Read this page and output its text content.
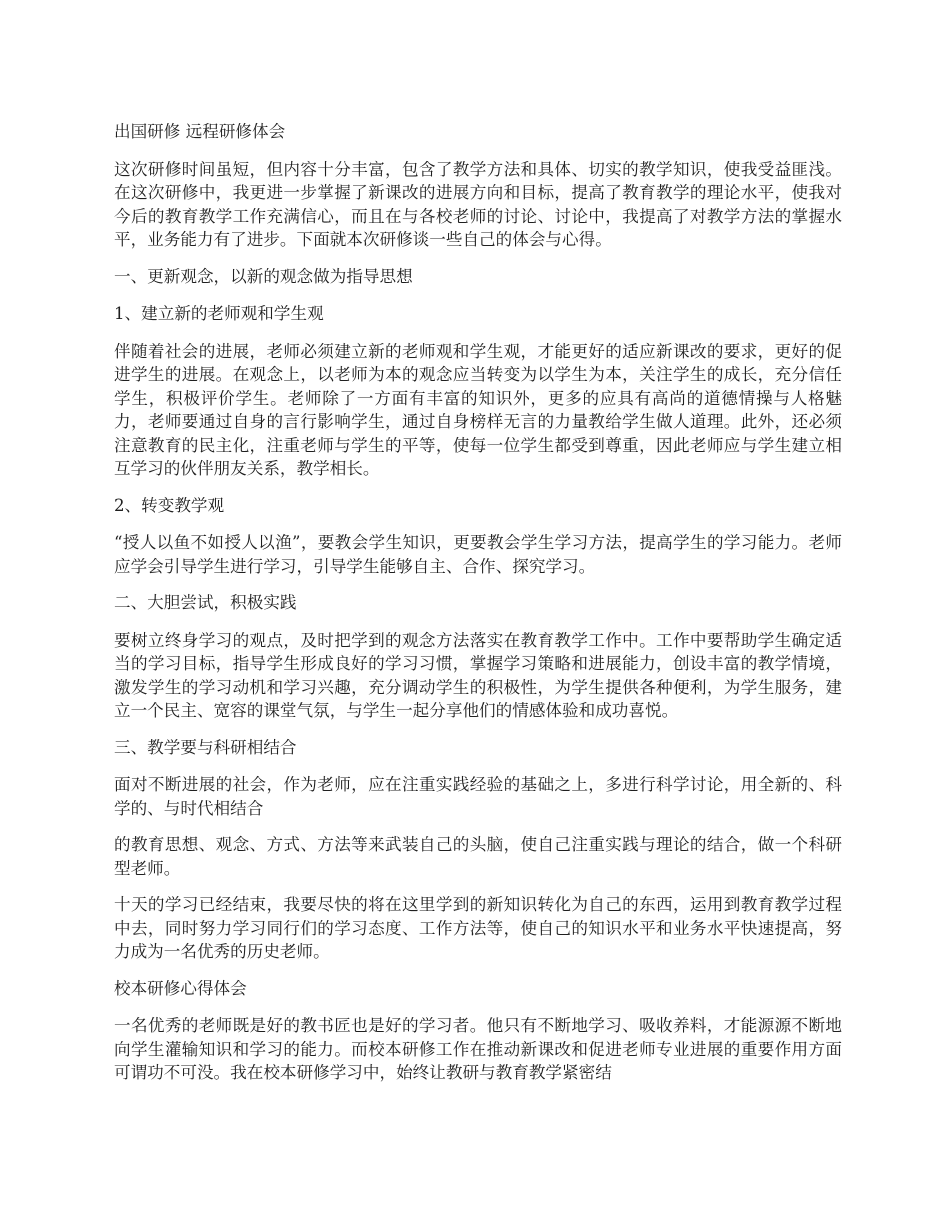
出国研修 远程研修体会

这次研修时间虽短，但内容十分丰富，包含了教学方法和具体、切实的教学知识，使我受益匪浅。在这次研修中，我更进一步掌握了新课改的进展方向和目标，提高了教育教学的理论水平，使我对今后的教育教学工作充满信心，而且在与各校老师的讨论、讨论中，我提高了对教学方法的掌握水平，业务能力有了进步。下面就本次研修谈一些自己的体会与心得。

一、更新观念，以新的观念做为指导思想

1、建立新的老师观和学生观

伴随着社会的进展，老师必须建立新的老师观和学生观，才能更好的适应新课改的要求，更好的促进学生的进展。在观念上，以老师为本的观念应当转变为以学生为本，关注学生的成长，充分信任学生，积极评价学生。老师除了一方面有丰富的知识外，更多的应具有高尚的道德情操与人格魅力，老师要通过自身的言行影响学生，通过自身榜样无言的力量教给学生做人道理。此外，还必须注意教育的民主化，注重老师与学生的平等，使每一位学生都受到尊重，因此老师应与学生建立相互学习的伙伴朋友关系，教学相长。

2、转变教学观

“授人以鱼不如授人以渔”，要教会学生知识，更要教会学生学习方法，提高学生的学习能力。老师应学会引导学生进行学习，引导学生能够自主、合作、探究学习。

二、大胆尝试，积极实践

要树立终身学习的观点，及时把学到的观念方法落实在教育教学工作中。工作中要帮助学生确定适当的学习目标，指导学生形成良好的学习习惯，掌握学习策略和进展能力，创设丰富的教学情境，激发学生的学习动机和学习兴趣，充分调动学生的积极性，为学生提供各种便利，为学生服务，建立一个民主、宽容的课堂气氛，与学生一起分享他们的情感体验和成功喜悦。

三、教学要与科研相结合

面对不断进展的社会，作为老师，应在注重实践经验的基础之上，多进行科学讨论，用全新的、科学的、与时代相结合

的教育思想、观念、方式、方法等来武装自己的头脑，使自己注重实践与理论的结合，做一个科研型老师。

十天的学习已经结束，我要尽快的将在这里学到的新知识转化为自己的东西，运用到教育教学过程中去，同时努力学习同行们的学习态度、工作方法等，使自己的知识水平和业务水平快速提高，努力成为一名优秀的历史老师。

校本研修心得体会

一名优秀的老师既是好的教书匠也是好的学习者。他只有不断地学习、吸收养料，才能源源不断地向学生灌输知识和学习的能力。而校本研修工作在推动新课改和促进老师专业进展的重要作用方面可谓功不可没。我在校本研修学习中，始终让教研与教育教学紧密结
